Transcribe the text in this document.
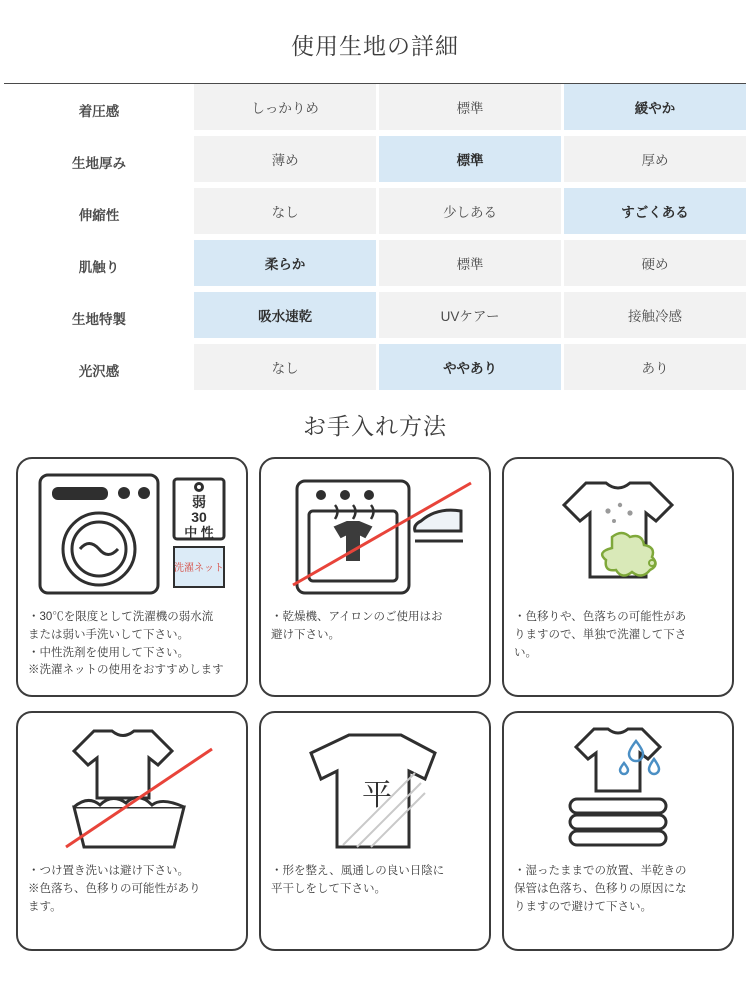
使用生地の詳細
着圧感	しっかりめ	標準	緩やか
生地厚み	薄め	標準	厚め
伸縮性	なし	少しある	すごくある
肌触り	柔らか	標準	硬め
生地特製	吸水速乾	UVケアー	接触冷感
光沢感	なし	ややあり	あり
お手入れ方法
弱
30
中 性
洗濯ネット
・30℃を限度として洗濯機の弱水流
または弱い手洗いして下さい。
・中性洗剤を使用して下さい。
※洗濯ネットの使用をおすすめします
・乾燥機、アイロンのご使用はお
避け下さい。
・色移りや、色落ちの可能性があ
りますので、単独で洗濯して下さ
い。
・つけ置き洗いは避け下さい。
※色落ち、色移りの可能性があり
ます。
平
・形を整え、風通しの良い日陰に
平干しをして下さい。
・湿ったままでの放置、半乾きの
保管は色落ち、色移りの原因にな
りますので避けて下さい。
